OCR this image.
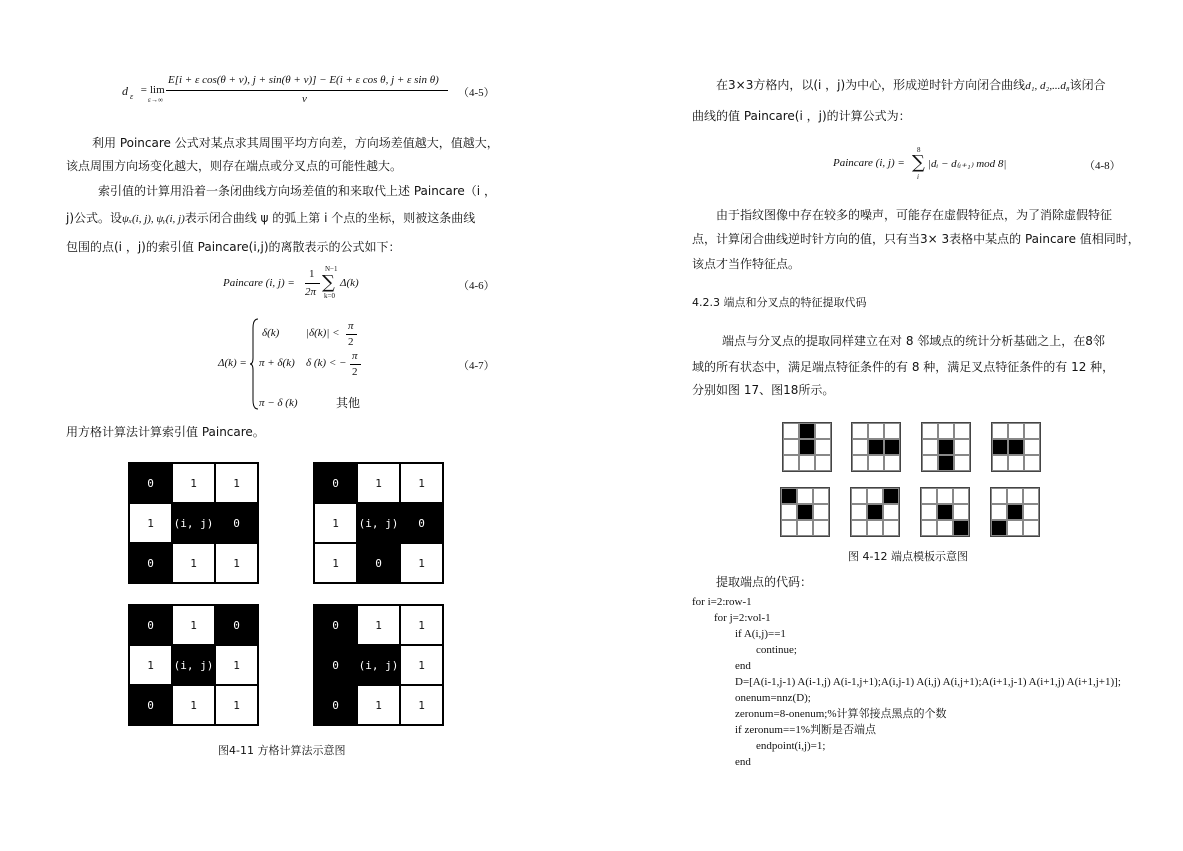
d ε
= lim
ε→∞
E[i + ε cos(θ + v), j + sin(θ + v)] − E(i + ε cos θ, j + ε sin θ)
v	（4-5）
利用 Poincare 公式对某点求其周围平均方向差，方向场差值越大，值越大，
该点周围方向场变化越大，则存在端点或分叉点的可能性越大。
索引值的计算用沿着一条闭曲线方向场差值的和来取代上述 Paincare（i ，
j)公式。设ψₓ(i, j), ψᵧ(i, j)表示闭合曲线 ψ 的弧上第 i 个点的坐标，则被这条曲线
包围的点(i ，j)的索引值 Paincare(i,j)的离散表示的公式如下：
Paincare (i, j) =
1
2π
N−1
∑
k=0
Δ(k)	（4-6）
Δ(k) =
δ(k) |δ(k)| <
π
2
π + δ(k) δ (k) < −
π
2
π − δ (k)	其他
（4-7）
用方格计算法计算索引值 Paincare。
0	1	1
1	(i, j)	0
0	1	1
0	1	1
1	(i, j)	0
1	0	1
0	1	0
1	(i, j)	1
0	1	1
0	1	1
0	(i, j)	1
0	1	1
图4-11 方格计算法示意图
在3×3方格内，以(i ，j)为中心，形成逆时针方向闭合曲线d₁, d₂,...d₈该闭合
曲线的值 Paincare(i ，j)的计算公式为：
Paincare (i, j) =
8
∑
i
|dᵢ − d₍ᵢ₊₁₎ mod 8|	（4-8）
由于指纹图像中存在较多的噪声，可能存在虚假特征点，为了消除虚假特征
点，计算闭合曲线逆时针方向的值，只有当3× 3表格中某点的 Paincare 值相同时，
该点才当作特征点。
4.2.3 端点和分叉点的特征提取代码
端点与分叉点的提取同样建立在对 8 邻域点的统计分析基础之上，在8邻
域的所有状态中，满足端点特征条件的有 8 种，满足叉点特征条件的有 12 种，
分别如图 17、图18所示。
图 4-12 端点模板示意图
提取端点的代码：
for i=2:row-1
for j=2:vol-1
if A(i,j)==1
continue;
end
D=[A(i-1,j-1) A(i-1,j) A(i-1,j+1);A(i,j-1) A(i,j) A(i,j+1);A(i+1,j-1) A(i+1,j) A(i+1,j+1)];
onenum=nnz(D);
zeronum=8-onenum;%计算邻接点黑点的个数
if zeronum==1%判断是否端点
endpoint(i,j)=1;
end
